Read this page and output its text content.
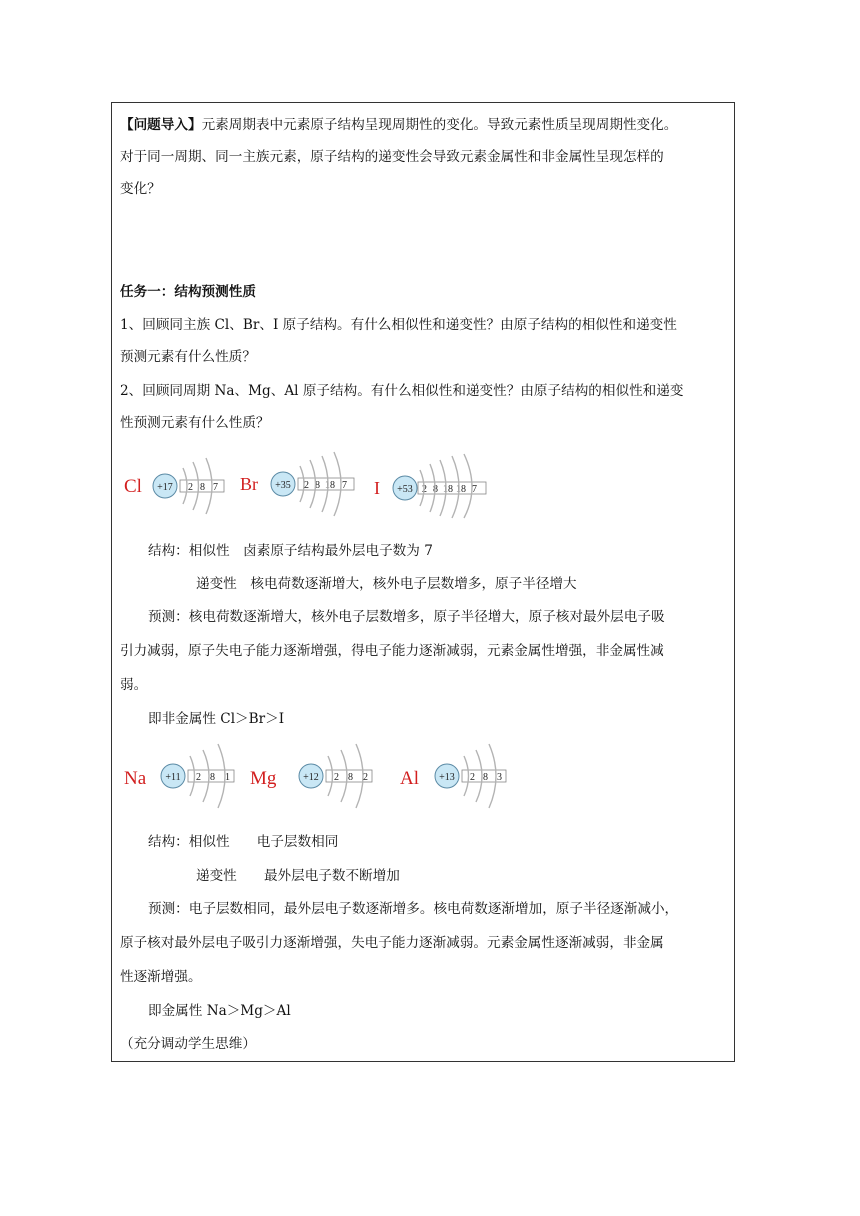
【问题导入】元素周期表中元素原子结构呈现周期性的变化。导致元素性质呈现周期性变化。
对于同一周期、同一主族元素，原子结构的递变性会导致元素金属性和非金属性呈现怎样的
变化？
任务一：结构预测性质
1、回顾同主族 Cl、Br、I 原子结构。有什么相似性和递变性？由原子结构的相似性和递变性
预测元素有什么性质？
2、回顾同周期 Na、Mg、Al 原子结构。有什么相似性和递变性？由原子结构的相似性和递变
性预测元素有什么性质？
Cl +17 2 8 7 Br +35 2 8 18 7 I +53 2 8 18 18 7
结构：相似性　卤素原子结构最外层电子数为 7
递变性　核电荷数逐渐增大，核外电子层数增多，原子半径增大
预测：核电荷数逐渐增大，核外电子层数增多，原子半径增大，原子核对最外层电子吸
引力减弱，原子失电子能力逐渐增强，得电子能力逐渐减弱，元素金属性增强，非金属性减
弱。
即非金属性 Cl＞Br＞I
Na +11 2 8 1 Mg	+12 2 8 2 Al +13 2 8 3
结构：相似性　　电子层数相同
递变性　　最外层电子数不断增加
预测：电子层数相同，最外层电子数逐渐增多。核电荷数逐渐增加，原子半径逐渐减小，
原子核对最外层电子吸引力逐渐增强，失电子能力逐渐减弱。元素金属性逐渐减弱，非金属
性逐渐增强。
即金属性 Na＞Mg＞Al
（充分调动学生思维）
